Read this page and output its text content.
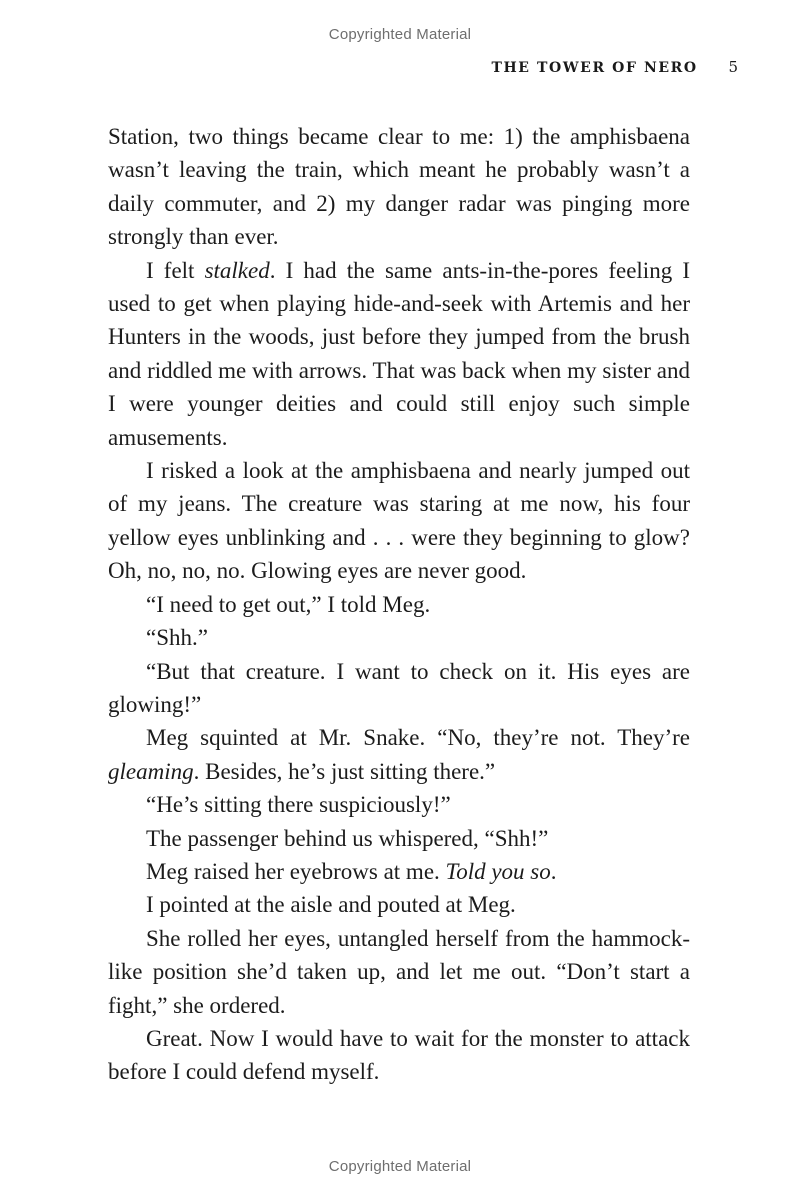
Copyrighted Material
THE TOWER OF NERO 5

Station, two things became clear to me: 1) the amphisbaena wasn’t leaving the train, which meant he probably wasn’t a daily commuter, and 2) my danger radar was pinging more strongly than ever.

I felt stalked. I had the same ants-in-the-pores feeling I used to get when playing hide-and-seek with Artemis and her Hunters in the woods, just before they jumped from the brush and riddled me with arrows. That was back when my sister and I were younger deities and could still enjoy such simple amusements.

I risked a look at the amphisbaena and nearly jumped out of my jeans. The creature was staring at me now, his four yellow eyes unblinking and . . . were they beginning to glow? Oh, no, no, no. Glowing eyes are never good.

“I need to get out,” I told Meg.

“Shh.”

“But that creature. I want to check on it. His eyes are glowing!”

Meg squinted at Mr. Snake. “No, they’re not. They’re gleaming. Besides, he’s just sitting there.”

“He’s sitting there suspiciously!”

The passenger behind us whispered, “Shh!”

Meg raised her eyebrows at me. Told you so.

I pointed at the aisle and pouted at Meg.

She rolled her eyes, untangled herself from the hammock-like position she’d taken up, and let me out. “Don’t start a fight,” she ordered.

Great. Now I would have to wait for the monster to attack before I could defend myself.

Copyrighted Material
